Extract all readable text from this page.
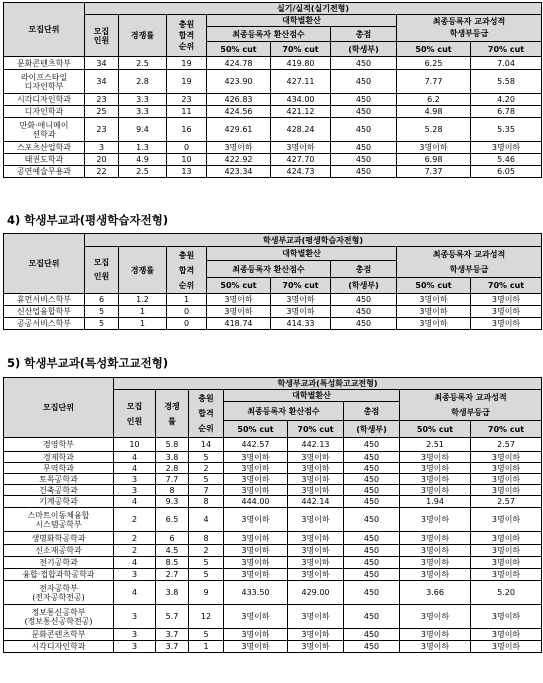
모집단위	실기/실적(실기전형)							
	모집
인원	경쟁률	충원
합격
순위	대학별환산			최종등록자 교과성적
학생부등급	
				최종등록자 환산점수		총점		
				50% cut	70% cut	(학생부)	50% cut	70% cut
문화콘텐츠학부	34	2.5	19	424.78	419.80	450	6.25	7.04
라이프스타일
디자인학부	34	2.8	19	423.90	427.11	450	7.77	5.58
시각디자인학과	23	3.3	23	426.83	434.00	450	6.2	4.20
디자인학과	25	3.3	11	424.56	421.12	450	4.98	6.78
만화·애니메이
션학과	23	9.4	16	429.61	428.24	450	5.28	5.35
스포츠산업학과	3	1.3	0	3명이하	3명이하	450	3명이하	3명이하
태권도학과	20	4.9	10	422.92	427.70	450	6.98	5.46
공연예술무용과	22	2.5	13	423.34	424.73	450	7.37	6.05
4) 학생부교과(평생학습자전형)
모집단위	학생부교과(평생학습자전형)							
	모집
인원	경쟁률	충원
합격
순위	대학별환산			최종등록자 교과성적
학생부등급	
				최종등록자 환산점수		총점		
				50% cut	70% cut	(학생부)	50% cut	70% cut
휴먼서비스학부	6	1.2	1	3명이하	3명이하	450	3명이하	3명이하
신산업융합학부	5	1	0	3명이하	3명이하	450	3명이하	3명이하
공공서비스학부	5	1	0	418.74	414.33	450	3명이하	3명이하
5) 학생부교과(특성화고교전형)
모집단위	학생부교과(특성화고교전형)							
	모집
인원	경쟁
률	충원
합격
순위	대학별환산			최종등록자 교과성적
학생부등급	
				최종등록자 환산점수		총점		
				50% cut	70% cut	(학생부)	50% cut	70% cut
경영학부	10	5.8	14	442.57	442.13	450	2.51	2.57
경제학과	4	3.8	5	3명이하	3명이하	450	3명이하	3명이하
무역학과	4	2.8	2	3명이하	3명이하	450	3명이하	3명이하
토목공학과	3	7.7	5	3명이하	3명이하	450	3명이하	3명이하
건축공학과	3	8	7	3명이하	3명이하	450	3명이하	3명이하
기계공학과	4	9.3	8	444.00	442.14	450	1.94	2.57
스마트이동체융합
시스템공학부	2	6.5	4	3명이하	3명이하	450	3명이하	3명이하
생명화학공학과	2	6	8	3명이하	3명이하	450	3명이하	3명이하
신소재공학과	2	4.5	2	3명이하	3명이하	450	3명이하	3명이하
전기공학과	4	8.5	5	3명이하	3명이하	450	3명이하	3명이하
융합·접합과학공학과	3	2.7	5	3명이하	3명이하	450	3명이하	3명이하
전자공학부
(전자공학전공)	4	3.8	9	433.50	429.00	450	3.66	5.20
정보통신공학부
(정보통신공학전공)	3	5.7	12	3명이하	3명이하	450	3명이하	3명이하
문화콘텐츠학부	3	3.7	5	3명이하	3명이하	450	3명이하	3명이하
시각디자인학과	3	3.7	1	3명이하	3명이하	450	3명이하	3명이하
